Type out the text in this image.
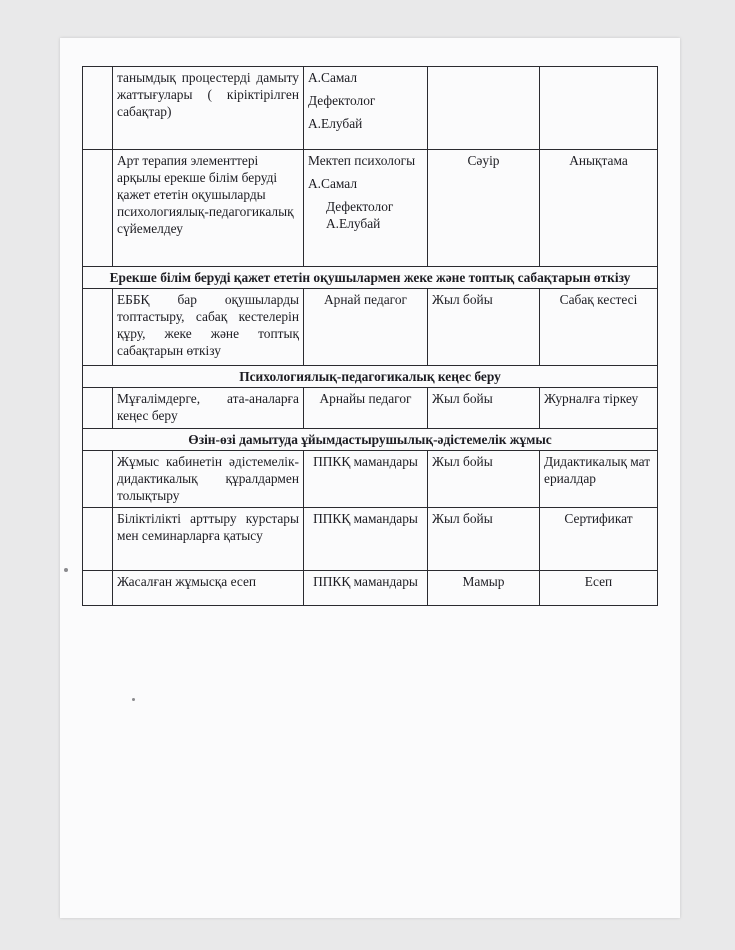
	танымдық процестерді дамыту жаттығулары ( кіріктірілген сабақтар)	А.Самал
Дефектолог
А.Елубай		

	Арт терапия элементтері арқылы ерекше білім беруді қажет ететін оқушыларды психологиялық-педагогикалық сүйемелдеу	Мектеп психологы
А.Самал
Дефектолог
А.Елубай	Сәуір	Анықтама
Ерекше білім беруді қажет ететін оқушылармен жеке және топтық сабақтарын өткізу				
	ЕББҚ бар оқушыларды топтастыру, сабақ кестелерін құру, жеке және топтық сабақтарын өткізу	Арнай педагог	Жыл бойы	Сабақ кестесі
Психологиялық-педагогикалық кеңес беру				
	Мұғалімдерге, ата-аналарға кеңес беру	Арнайы педагог	Жыл бойы	Журналға тіркеу
Өзін-өзі дамытуда ұйымдастырушылық-әдістемелік жұмыс				
	Жұмыс кабинетін әдістемелік-дидактикалық құралдармен толықтыру	ППКҚ мамандары	Жыл бойы	Дидактикалық материалдар
	Біліктілікті арттыру курстары мен семинарларға қатысу	ППКҚ мамандары	Жыл бойы	Сертификат
	Жасалған жұмысқа есеп	ППКҚ мамандары	Мамыр	Есеп
